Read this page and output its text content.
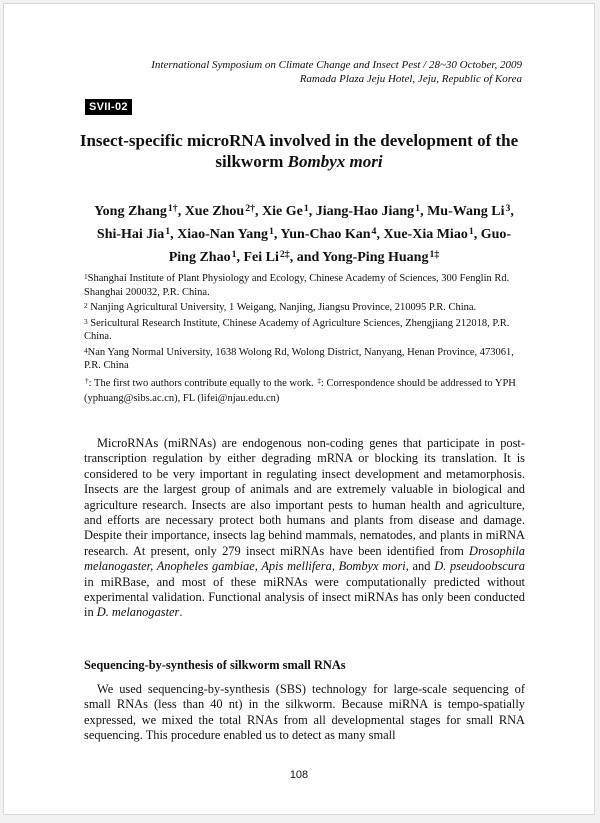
International Symposium on Climate Change and Insect Pest / 28~30 October, 2009
Ramada Plaza Jeju Hotel, Jeju, Republic of Korea
SVII-02
Insect-specific microRNA involved in the development of the silkworm Bombyx mori
Yong Zhang$^{1\dagger}$, Xue Zhou$^{2\dagger}$, Xie Ge$^1$, Jiang-Hao Jiang$^1$, Mu-Wang Li$^3$, Shi-Hai Jia$^1$, Xiao-Nan Yang$^1$, Yun-Chao Kan$^4$, Xue-Xia Miao$^1$, Guo-Ping Zhao$^1$, Fei $Li^{2\ddagger}$, and Yong-Ping Huang$^{1\ddagger}$
$^1$Shanghai Institute of Plant Physiology and Ecology, Chinese Academy of Sciences, 300 Fenglin Rd. Shanghai 200032, P.R. China.
$^2$ Nanjing Agricultural University, 1 Weigang, Nanjing, Jiangsu Province, 210095 P.R. China.
$^3$ Sericultural Research Institute, Chinese Academy of Agriculture Sciences, Zhengjiang 212018, P.R. China.
$^4$Nan Yang Normal University, 1638 Wolong Rd, Wolong District, Nanyang, Henan Province, 473061, P.R. China
†: The first two authors contribute equally to the work. ‡: Correspondence should be addressed to YPH (yphuang@sibs.ac.cn), FL (lifei@njau.edu.cn)

MicroRNAs (miRNAs) are endogenous non-coding genes that participate in post-transcription regulation by either degrading mRNA or blocking its translation. It is considered to be very important in regulating insect development and metamorphosis. Insects are the largest group of animals and are extremely valuable in biological and agriculture research. Insects are also important pests to human health and agriculture, and efforts are necessary protect both humans and plants from disease and damage. Despite their importance, insects lag behind mammals, nematodes, and plants in miRNA research. At present, only 279 insect miRNAs have been identified from Drosophila melanogaster, Anopheles gambiae, Apis mellifera, Bombyx mori, and D. pseudoobscura in miRBase, and most of these miRNAs were computationally predicted without experimental validation. Functional analysis of insect miRNAs has only been conducted in D. melanogaster.

Sequencing-by-synthesis of silkworm small RNAs

We used sequencing-by-synthesis (SBS) technology for large-scale sequencing of small RNAs (less than 40 nt) in the silkworm. Because miRNA is tempo-spatially expressed, we mixed the total RNAs from all developmental stages for small RNA sequencing. This procedure enabled us to detect as many small

108
